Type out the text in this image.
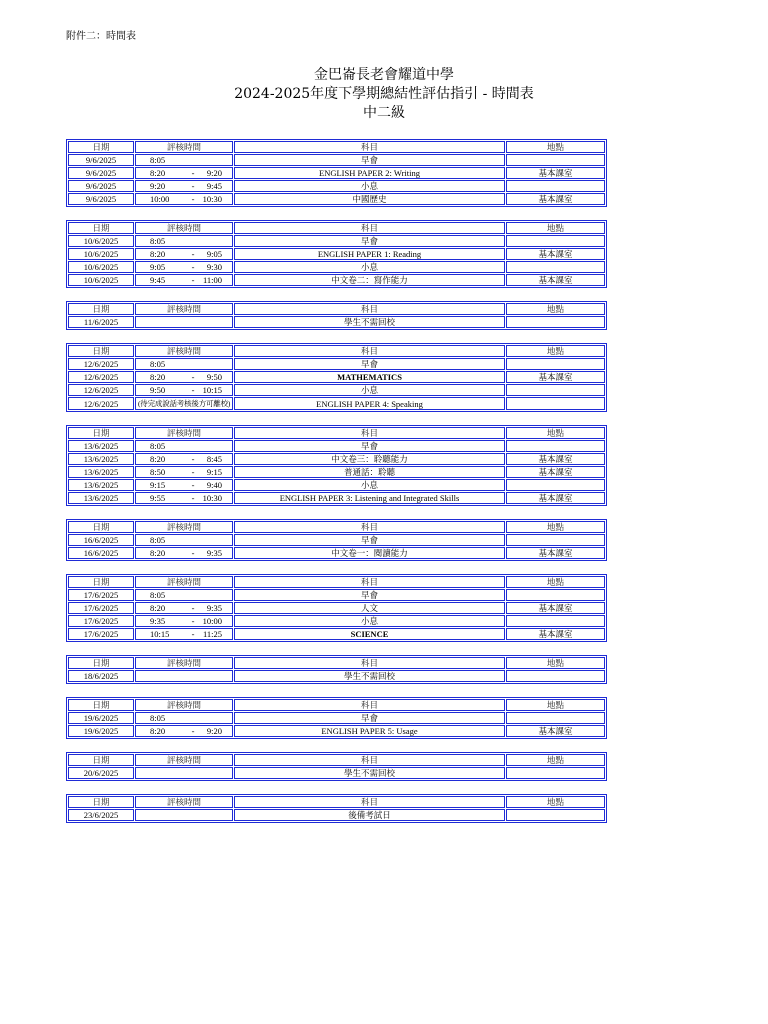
附件二：時間表
金巴崙長老會耀道中學
2024-2025年度下學期總結性評估指引 - 時間表
中二級
日期	評核時間	科目	地點
9/6/2025	8:05	早會	
9/6/2025	8:20 - 9:20	ENGLISH PAPER 2: Writing	基本課室
9/6/2025	9:20 - 9:45	小息	
9/6/2025	10:00 - 10:30	中國歷史	基本課室
日期	評核時間	科目	地點
10/6/2025	8:05	早會	
10/6/2025	8:20 - 9:05	ENGLISH PAPER 1: Reading	基本課室
10/6/2025	9:05 - 9:30	小息	
10/6/2025	9:45 - 11:00	中文卷二：寫作能力	基本課室
日期	評核時間	科目	地點
11/6/2025		學生不需回校	
日期	評核時間	科目	地點
12/6/2025	8:05	早會	
12/6/2025	8:20 - 9:50	MATHEMATICS	基本課室
12/6/2025	9:50 - 10:15	小息	
12/6/2025	(待完成說話考核後方可離校)	ENGLISH PAPER 4: Speaking	
日期	評核時間	科目	地點
13/6/2025	8:05	早會	
13/6/2025	8:20 - 8:45	中文卷三：聆聽能力	基本課室
13/6/2025	8:50 - 9:15	普通話：聆聽	基本課室
13/6/2025	9:15 - 9:40	小息	
13/6/2025	9:55 - 10:30	ENGLISH PAPER 3: Listening and Integrated Skills	基本課室
日期	評核時間	科目	地點
16/6/2025	8:05	早會	
16/6/2025	8:20 - 9:35	中文卷一：閱讀能力	基本課室
日期	評核時間	科目	地點
17/6/2025	8:05	早會	
17/6/2025	8:20 - 9:35	人文	基本課室
17/6/2025	9:35 - 10:00	小息	
17/6/2025	10:15 - 11:25	SCIENCE	基本課室
日期	評核時間	科目	地點
18/6/2025		學生不需回校	
日期	評核時間	科目	地點
19/6/2025	8:05	早會	
19/6/2025	8:20 - 9:20	ENGLISH PAPER 5: Usage	基本課室
日期	評核時間	科目	地點
20/6/2025		學生不需回校	
日期	評核時間	科目	地點
23/6/2025		後備考試日	
